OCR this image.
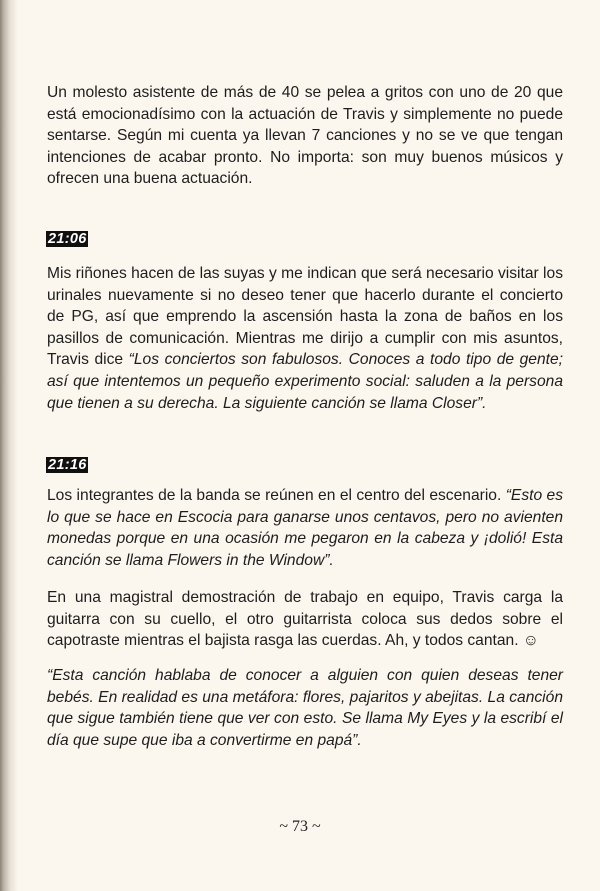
Un molesto asistente de más de 40 se pelea a gritos con uno de 20 que está emocionadísimo con la actuación de Travis y simplemente no puede sentarse. Según mi cuenta ya llevan 7 canciones y no se ve que tengan intenciones de acabar pronto. No importa: son muy buenos músicos y ofrecen una buena actuación.

21:06

Mis riñones hacen de las suyas y me indican que será necesario visitar los urinales nuevamente si no deseo tener que hacerlo durante el concierto de PG, así que emprendo la ascensión hasta la zona de baños en los pasillos de comunicación. Mientras me dirijo a cumplir con mis asuntos, Travis dice “Los conciertos son fabulosos. Conoces a todo tipo de gente; así que intentemos un pequeño experimento social: saluden a la persona que tienen a su derecha. La siguiente canción se llama Closer”.

21:16

Los integrantes de la banda se reúnen en el centro del escenario. “Esto es lo que se hace en Escocia para ganarse unos centavos, pero no avienten monedas porque en una ocasión me pegaron en la cabeza y ¡dolió! Esta canción se llama Flowers in the Window”.

En una magistral demostración de trabajo en equipo, Travis carga la guitarra con su cuello, el otro guitarrista coloca sus dedos sobre el capotraste mientras el bajista rasga las cuerdas. Ah, y todos cantan. ☺

“Esta canción hablaba de conocer a alguien con quien deseas tener bebés. En realidad es una metáfora: flores, pajaritos y abejitas. La canción que sigue también tiene que ver con esto. Se llama My Eyes y la escribí el día que supe que iba a convertirme en papá”.

~ 73 ~
